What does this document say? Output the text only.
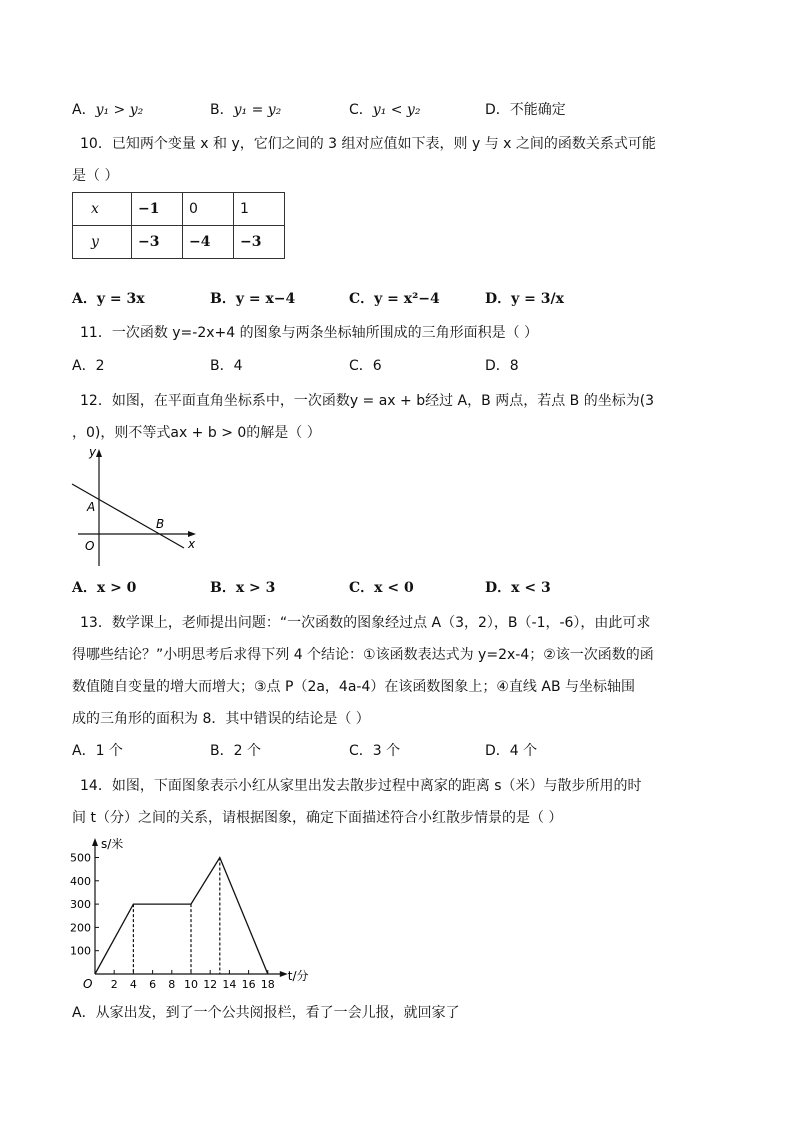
A．y₁ > y₂	B．y₁ = y₂	C．y₁ < y₂	D．不能确定
10．已知两个变量 x 和 y，它们之间的 3 组对应值如下表，则 y 与 x 之间的函数关系式可能
是（ ）
x	−1	0	1
y	−3	−4	−3
A．y = 3x	B．y = x−4	C．y = x²−4	D．y = 3/x
11．一次函数 y=-2x+4 的图象与两条坐标轴所围成的三角形面积是（ ）
A．2	B．4	C．6	D．8
12．如图，在平面直角坐标系中，一次函数y = ax + b经过 A，B 两点，若点 B 的坐标为(3
，0)，则不等式ax + b > 0的解是（ ）
y
x
A
B
O
A．x > 0	B．x > 3	C．x < 0	D．x < 3
13．数学课上，老师提出问题：“一次函数的图象经过点 A（3，2），B（-1，-6），由此可求
得哪些结论？”小明思考后求得下列 4 个结论：①该函数表达式为 y=2x-4；②该一次函数的函
数值随自变量的增大而增大；③点 P（2a，4a-4）在该函数图象上；④直线 AB 与坐标轴围
成的三角形的面积为 8．其中错误的结论是（ ）
A．1 个	B．2 个	C．3 个	D．4 个
14．如图，下面图象表示小红从家里出发去散步过程中离家的距离 s（米）与散步所用的时
间 t（分）之间的关系，请根据图象，确定下面描述符合小红散步情景的是（ ）
100
200
300
400
500
2 4 6 8 10 12 14 16 18
O
t/分
s/米
A．从家出发，到了一个公共阅报栏，看了一会儿报，就回家了
